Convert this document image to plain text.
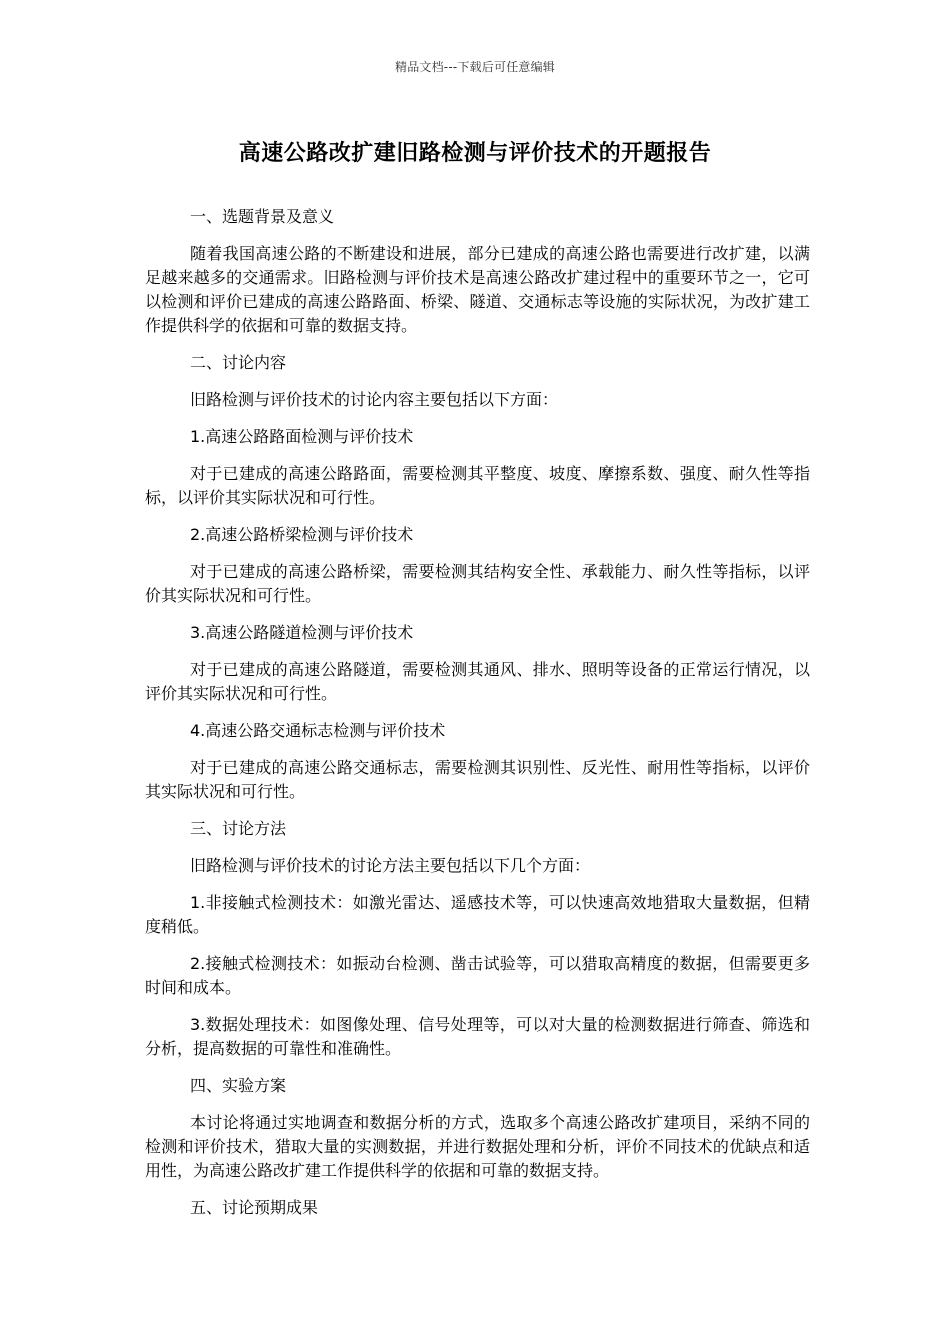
精品文档---下载后可任意编辑
高速公路改扩建旧路检测与评价技术的开题报告

一、选题背景及意义

随着我国高速公路的不断建设和进展，部分已建成的高速公路也需要进行改扩建，以满足越来越多的交通需求。旧路检测与评价技术是高速公路改扩建过程中的重要环节之一，它可以检测和评价已建成的高速公路路面、桥梁、隧道、交通标志等设施的实际状况，为改扩建工作提供科学的依据和可靠的数据支持。

二、讨论内容

旧路检测与评价技术的讨论内容主要包括以下方面：

1.高速公路路面检测与评价技术

对于已建成的高速公路路面，需要检测其平整度、坡度、摩擦系数、强度、耐久性等指标，以评价其实际状况和可行性。

2.高速公路桥梁检测与评价技术

对于已建成的高速公路桥梁，需要检测其结构安全性、承载能力、耐久性等指标，以评价其实际状况和可行性。

3.高速公路隧道检测与评价技术

对于已建成的高速公路隧道，需要检测其通风、排水、照明等设备的正常运行情况，以评价其实际状况和可行性。

4.高速公路交通标志检测与评价技术

对于已建成的高速公路交通标志，需要检测其识别性、反光性、耐用性等指标，以评价其实际状况和可行性。

三、讨论方法

旧路检测与评价技术的讨论方法主要包括以下几个方面：

1.非接触式检测技术：如激光雷达、遥感技术等，可以快速高效地猎取大量数据，但精度稍低。

2.接触式检测技术：如振动台检测、凿击试验等，可以猎取高精度的数据，但需要更多时间和成本。

3.数据处理技术：如图像处理、信号处理等，可以对大量的检测数据进行筛查、筛选和分析，提高数据的可靠性和准确性。

四、实验方案

本讨论将通过实地调查和数据分析的方式，选取多个高速公路改扩建项目，采纳不同的检测和评价技术，猎取大量的实测数据，并进行数据处理和分析，评价不同技术的优缺点和适用性，为高速公路改扩建工作提供科学的依据和可靠的数据支持。

五、讨论预期成果
